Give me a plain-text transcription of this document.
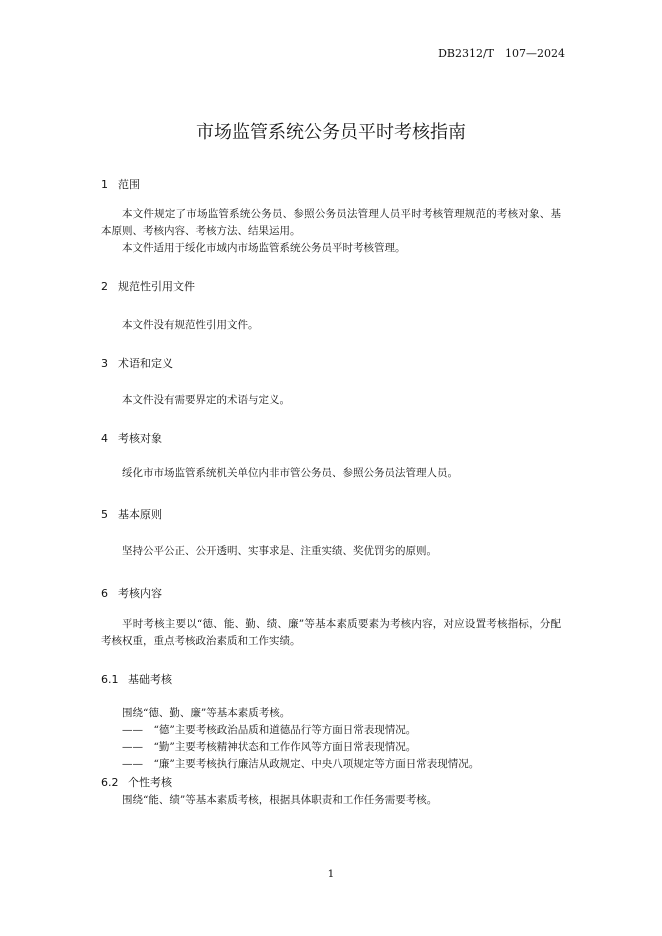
DB2312/T　107—2024
市场监管系统公务员平时考核指南
1 范围
本文件规定了市场监管系统公务员、参照公务员法管理人员平时考核管理规范的考核对象、基本原则、考核内容、考核方法、结果运用。
本文件适用于绥化市域内市场监管系统公务员平时考核管理。
2 规范性引用文件
本文件没有规范性引用文件。
3 术语和定义
本文件没有需要界定的术语与定义。
4 考核对象
绥化市市场监管系统机关单位内非市管公务员、参照公务员法管理人员。
5 基本原则
坚持公平公正、公开透明、实事求是、注重实绩、奖优罚劣的原则。
6 考核内容
平时考核主要以“德、能、勤、绩、廉”等基本素质要素为考核内容，对应设置考核指标，分配考核权重，重点考核政治素质和工作实绩。
6.1 基础考核
围绕“德、勤、廉”等基本素质考核。
——　“德”主要考核政治品质和道德品行等方面日常表现情况。
——　“勤”主要考核精神状态和工作作风等方面日常表现情况。
——　“廉”主要考核执行廉洁从政规定、中央八项规定等方面日常表现情况。
6.2 个性考核
围绕“能、绩”等基本素质考核，根据具体职责和工作任务需要考核。
1
